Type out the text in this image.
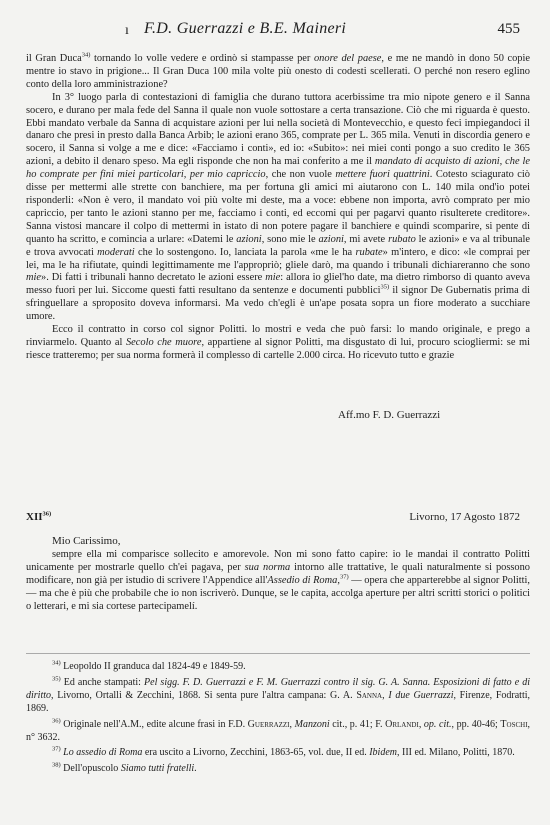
ı F.D. Guerrazzi e B.E. Maineri	455

il Gran Duca$^{34)}$ tornando lo volle vedere e ordinò si stampasse per onore del paese, e me ne mandò in dono 50 copie mentre io stavo in prigione... Il Gran Duca 100 mila volte più onesto di codesti scellerati. O perché non resero eglino conto della loro amministrazione?

In 3° luogo parla di contestazioni di famiglia che durano tuttora acerbissime tra mio nipote genero e il Sanna socero, e durano per mala fede del Sanna il quale non vuole sottostare a certa transazione. Ciò che mi riguarda è questo. Ebbi mandato verbale da Sanna di acquistare azioni per lui nella società di Montevecchio, e questo feci impiegandoci il danaro che presi in presto dalla Banca Arbib; le azioni erano 365, comprate per L. 365 mila. Venuti in discordia genero e socero, il Sanna si volge a me e dice: «Facciamo i conti», ed io: «Subito»: nei miei conti pongo a suo credito le 365 azioni, a debito il denaro speso. Ma egli risponde che non ha mai conferito a me il mandato di acquisto di azioni, che le ho comprate per fini miei particolari, per mio capriccio, che non vuole mettere fuori quattrini. Cotesto sciagurato ciò disse per mettermi alle strette con banchiere, ma per fortuna gli amici mi aiutarono con L. 140 mila ond'io potei risponderli: «Non è vero, il mandato voi più volte mi deste, ma a voce: ebbene non importa, avrò comprato per mio capriccio, per tanto le azioni stanno per me, facciamo i conti, ed eccomi qui per pagarvi quanto risulterete creditore». Sanna vistosi mancare il colpo di mettermi in istato di non potere pagare il banchiere e quindi scomparire, si pente di quanto ha scritto, e comincia a urlare: «Datemi le azioni, sono mie le azioni, mi avete rubato le azioni» e va al tribunale e trova avvocati moderati che lo sostengono. Io, lanciata la parola «me le ha rubate» m'intero, e dico: «le comprai per lei, ma le ha rifiutate, quindi legittimamente me l'appropriò; gliele darò, ma quando i tribunali dichiareranno che sono mie». Di fatti i tribunali hanno decretato le azioni essere mie: allora io gliel'ho date, ma dietro rimborso di quanto aveva messo fuori per lui. Siccome questi fatti resultano da sentenze e documenti pubblici$^{35)}$ il signor De Gubernatis prima di sfringuellare a sproposito doveva informarsi. Ma vedo ch'egli è un'ape posata sopra un fiore moderato a succhiare umore.

Ecco il contratto in corso col signor Politti. lo mostri e veda che può farsi: lo mando originale, e prego a rinviarmelo. Quanto al Secolo che muore, appartiene al signor Politti, ma disgustato di lui, procuro sciogliermi: se mi riesce tratteremo; per sua norma formerà il complesso di cartelle 2.000 circa. Ho ricevuto tutto e grazie

Aff.mo F. D. Guerrazzi
XII$^{36)}$	Livorno, 17 Agosto 1872
Mio Carissimo,

sempre ella mi comparisce sollecito e amorevole. Non mi sono fatto capire: io le mandai il contratto Politti unicamente per mostrarle quello ch'ei pagava, per sua norma intorno alle trattative, le quali naturalmente si possono modificare, non già per istudio di scrivere l'Appendice all'Assedio di Roma,$^{37)}$ — opera che apparterebbe al signor Politti, — ma che è più che probabile che io non iscriverò. Dunque, se le capita, accolga aperture per altri scritti storici o politici o letterari, e mi sia cortese partecipamelí.

$^{34)}$ Leopoldo II granduca dal 1824-49 e 1849-59.

$^{35)}$ Ed anche stampati: Pel sigg. F. D. Guerrazzi e F. M. Guerrazzi contro il sig. G. A. Sanna. Esposizioni di fatto e di diritto, Livorno, Ortalli & Zecchini, 1868. Si senta pure l'altra campana: G. A. Sanna, I due Guerrazzi, Firenze, Fodratti, 1869.

$^{36)}$ Originale nell'A.M., edite alcune frasi in F.D. Guerrazzi, Manzoni cit., p. 41; F. Orlandi, op. cit., pp. 40-46; Toschi, n° 3632.

$^{37)}$ Lo assedio di Roma era uscito a Livorno, Zecchini, 1863-65, vol. due, II ed. Ibidem, III ed. Milano, Politti, 1870.

$^{38)}$ Dell'opuscolo Siamo tutti fratelli.
